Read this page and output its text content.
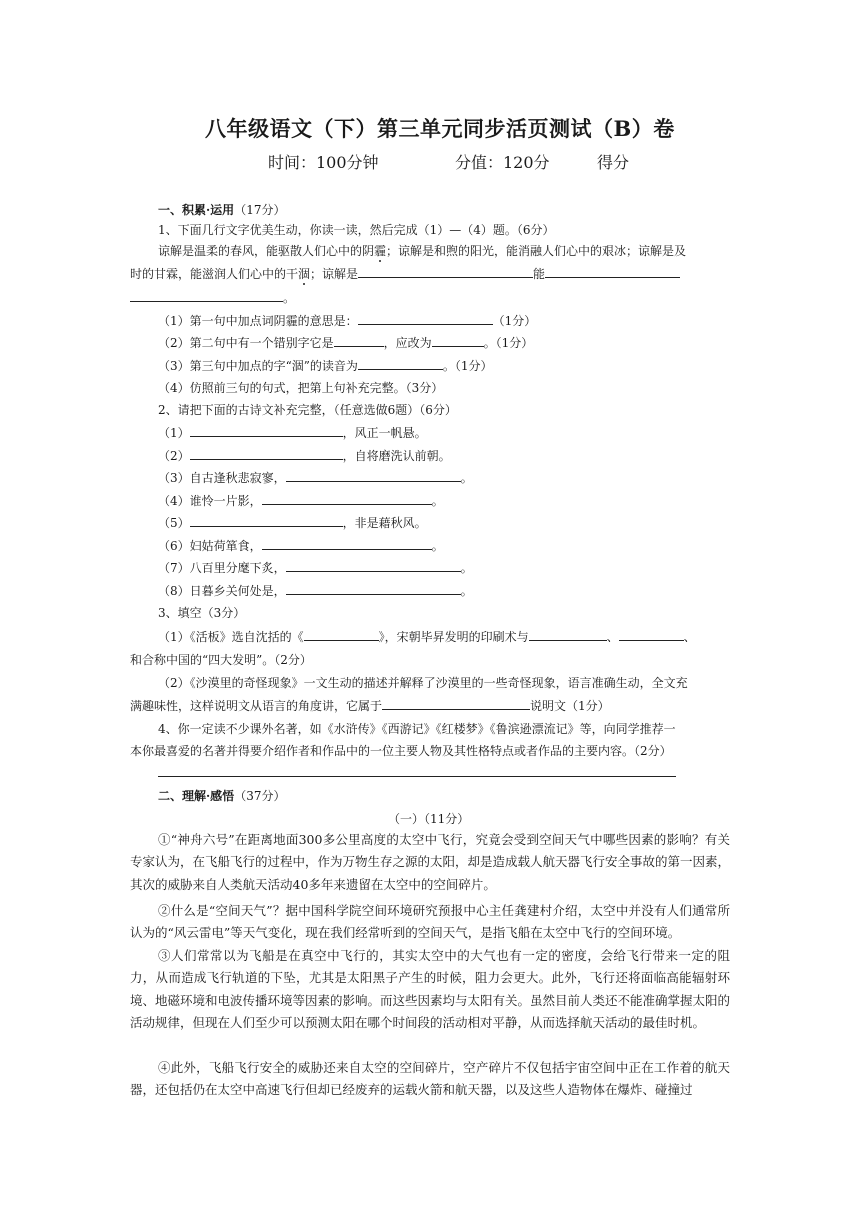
八年级语文（下）第三单元同步活页测试（B）卷
时间：100分钟	分值：120分	得分
一、积累·运用（17分）
1、下面几行文字优美生动，你读一读，然后完成（1）—（4）题。（6分）
谅解是温柔的春风，能驱散人们心中的阴霾；谅解是和煦的阳光，能消融人们心中的艰冰；谅解是及
时的甘霖，能滋润人们心中的干涸；谅解是	能
。
（1）第一句中加点词阴霾的意思是：	（1分）
（2）第二句中有一个错别字它是	，应改为	。（1分）
（3）第三句中加点的字“涸”的读音为	。（1分）
（4）仿照前三句的句式，把第上句补充完整。（3分）
2、请把下面的古诗文补充完整，（任意选做6题）（6分）
（1）	，风正一帆悬。
（2）	，自将磨洗认前朝。
（3）自古逢秋悲寂寥，	。
（4）谁怜一片影，	。
（5）	，非是藉秋风。
（6）妇姑荷箪食，	。
（7）八百里分麾下炙，	。
（8）日暮乡关何处是，	。
3、填空（3分）
（1）《活板》选自沈括的《	》，宋朝毕昇发明的印刷术与	、	、
和合称中国的“四大发明”。（2分）
（2）《沙漠里的奇怪现象》一文生动的描述并解释了沙漠里的一些奇怪现象，语言准确生动，全文充
满趣味性，这样说明文从语言的角度讲，它属于	说明文（1分）
4、你一定读不少课外名著，如《水浒传》《西游记》《红楼梦》《鲁滨逊漂流记》等，向同学推荐一
本你最喜爱的名著并得要介绍作者和作品中的一位主要人物及其性格特点或者作品的主要内容。（2分）
二、理解·感悟（37分）
（一）（11分）
①“神舟六号”在距离地面300多公里高度的太空中飞行，究竟会受到空间天气中哪些因素的影响？有关专家认为，在飞船飞行的过程中，作为万物生存之源的太阳，却是造成载人航天器飞行安全事故的第一因素，其次的威胁来自人类航天活动40多年来遗留在太空中的空间碎片。
②什么是“空间天气”？据中国科学院空间环境研究预报中心主任龚建村介绍，太空中并没有人们通常所认为的“风云雷电”等天气变化，现在我们经常听到的空间天气，是指飞船在太空中飞行的空间环境。
③人们常常以为飞船是在真空中飞行的，其实太空中的大气也有一定的密度，会给飞行带来一定的阻力，从而造成飞行轨道的下坠，尤其是太阳黑子产生的时候，阻力会更大。此外，飞行还将面临高能辐射环境、地磁环境和电波传播环境等因素的影响。而这些因素均与太阳有关。虽然目前人类还不能准确掌握太阳的活动规律，但现在人们至少可以预测太阳在哪个时间段的活动相对平静，从而选择航天活动的最佳时机。
④此外，飞船飞行安全的威胁还来自太空的空间碎片，空产碎片不仅包括宇宙空间中正在工作着的航天器，还包括仍在太空中高速飞行但却已经废弃的运载火箭和航天器，以及这些人造物体在爆炸、碰撞过
